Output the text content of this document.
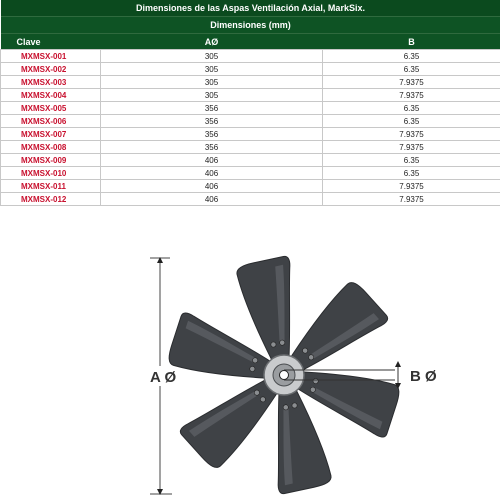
Dimensiones de las Aspas Ventilación Axial, MarkSix.		
Dimensiones (mm)		
Clave	AØ	B
MXMSX-001	305	6.35
MXMSX-002	305	6.35
MXMSX-003	305	7.9375
MXMSX-004	305	7.9375
MXMSX-005	356	6.35
MXMSX-006	356	6.35
MXMSX-007	356	7.9375
MXMSX-008	356	7.9375
MXMSX-009	406	6.35
MXMSX-010	406	6.35
MXMSX-011	406	7.9375
MXMSX-012	406	7.9375
A Ø	B Ø
